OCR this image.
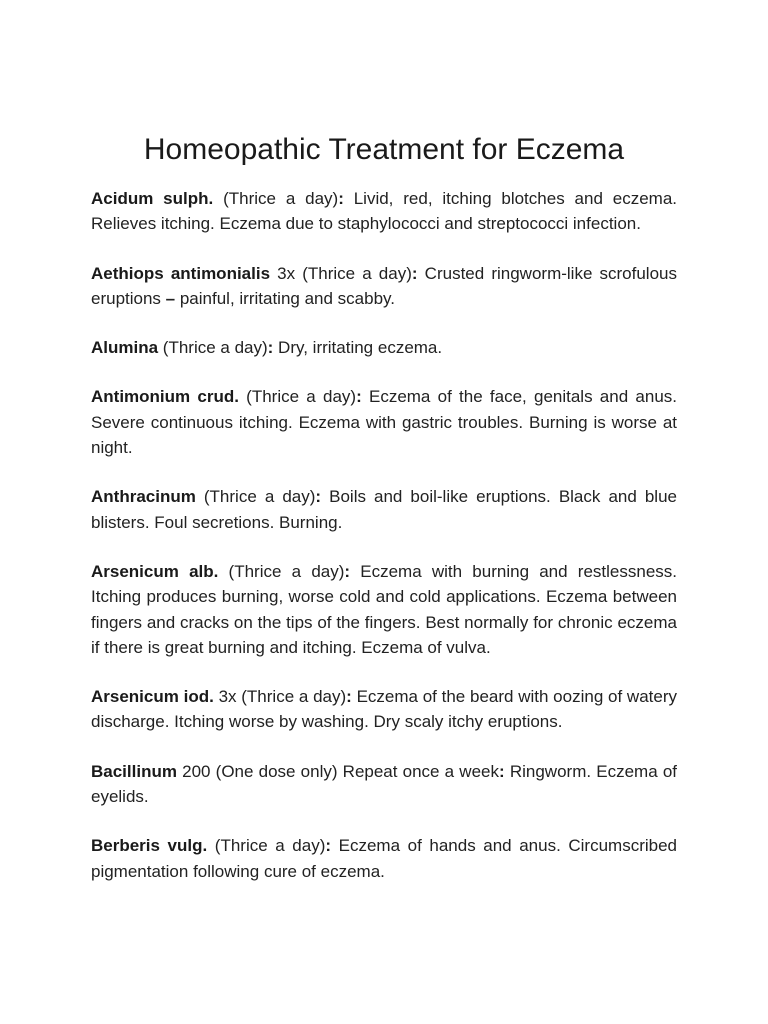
Homeopathic Treatment for Eczema

Acidum sulph. (Thrice a day): Livid, red, itching blotches and eczema. Relieves itching. Eczema due to staphylococci and streptococci infection.

Aethiops antimonialis 3x (Thrice a day): Crusted ringworm-like scrofulous eruptions – painful, irritating and scabby.

Alumina (Thrice a day): Dry, irritating eczema.

Antimonium crud. (Thrice a day): Eczema of the face, genitals and anus. Severe continuous itching. Eczema with gastric troubles. Burning is worse at night.

Anthracinum (Thrice a day): Boils and boil-like eruptions. Black and blue blisters. Foul secretions. Burning.

Arsenicum alb. (Thrice a day): Eczema with burning and restlessness. Itching produces burning, worse cold and cold applications. Eczema between fingers and cracks on the tips of the fingers. Best normally for chronic eczema if there is great burning and itching. Eczema of vulva.

Arsenicum iod. 3x (Thrice a day): Eczema of the beard with oozing of watery discharge. Itching worse by washing. Dry scaly itchy eruptions.

Bacillinum 200 (One dose only) Repeat once a week: Ringworm. Eczema of eyelids.

Berberis vulg. (Thrice a day): Eczema of hands and anus. Circumscribed pigmentation following cure of eczema.
